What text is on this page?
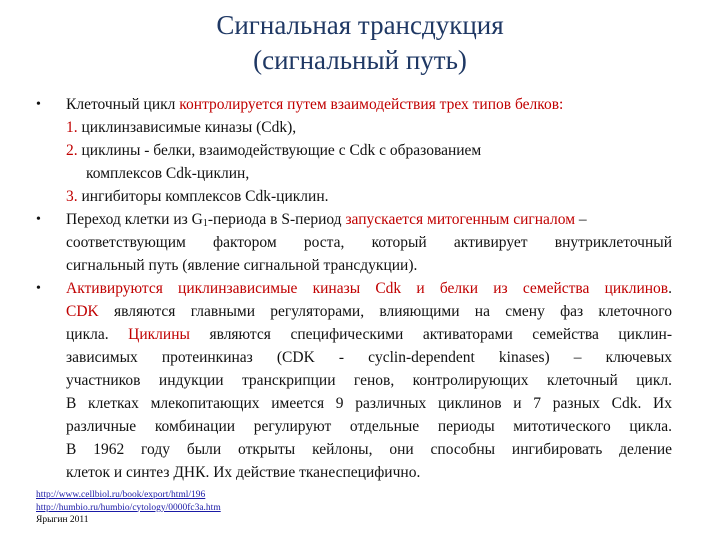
Сигнальная трансдукция
(сигнальный путь)
•	Клеточный цикл контролируется путем взаимодействия трех типов белков:
1. циклинзависимые киназы (Cdk),
2. циклины - белки, взаимодействующие с Cdk с образованием
комплексов Cdk-циклин,
3. ингибиторы комплексов Cdk-циклин.
•	Переход клетки из $G_1$-периода в S-период запускается митогенным сигналом –
соответствующим фактором роста, который активирует внутриклеточный
сигнальный путь (явление сигнальной трансдукции).
•	Активируются циклинзависимые киназы Cdk и белки из семейства циклинов.
CDK являются главными регуляторами, влияющими на смену фаз клеточного
цикла. Циклины являются специфическими активаторами семейства циклин-
зависимых протеинкиназ (CDK - cyclin-dependent kinases) – ключевых
участников индукции транскрипции генов, контролирующих клеточный цикл.
В клетках млекопитающих имеется 9 различных циклинов и 7 разных Cdk. Их
различные комбинации регулируют отдельные периоды митотического цикла.
В 1962 году были открыты кейлоны, они способны ингибировать деление
клеток и синтез ДНК. Их действие тканеспецифично.
http://www.cellbiol.ru/book/export/html/196
http://humbio.ru/humbio/cytology/0000fc3a.htm
Ярыгин 2011
